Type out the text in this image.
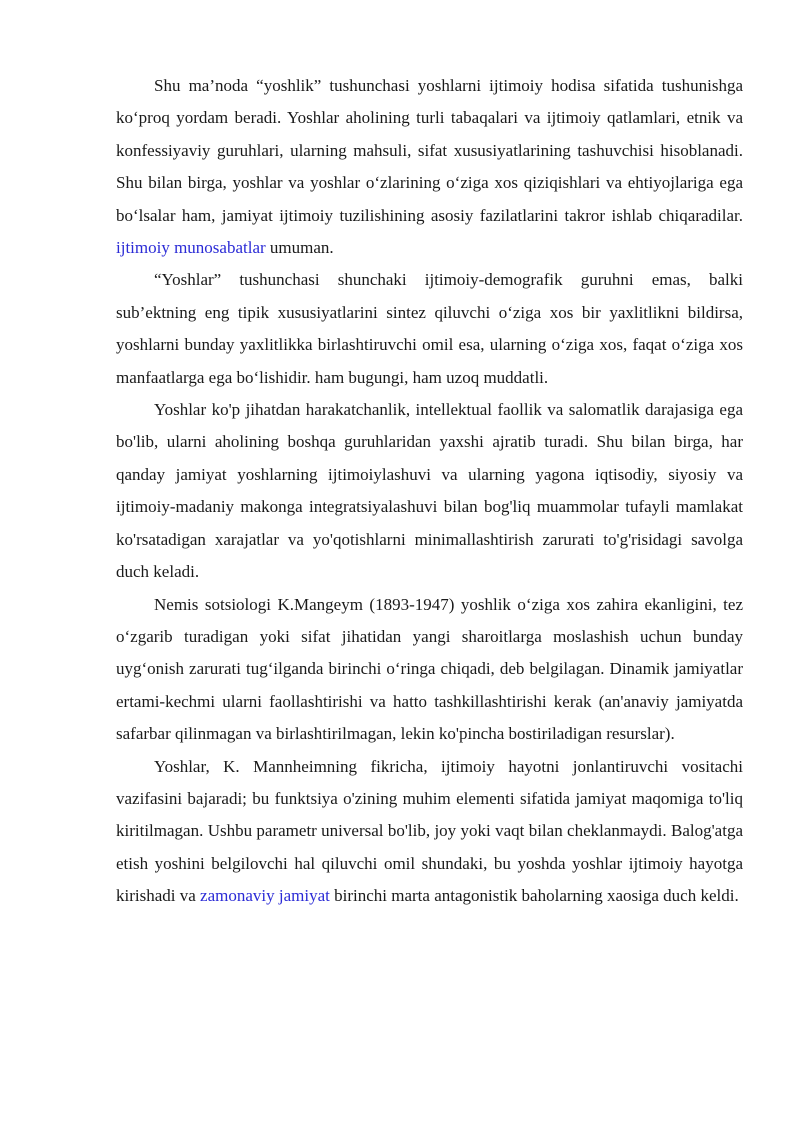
Shu ma’noda “yoshlik” tushunchasi yoshlarni ijtimoiy hodisa sifatida tushunishga ko‘proq yordam beradi. Yoshlar aholining turli tabaqalari va ijtimoiy qatlamlari, etnik va konfessiyaviy guruhlari, ularning mahsuli, sifat xususiyatlarining tashuvchisi hisoblanadi. Shu bilan birga, yoshlar va yoshlar o‘zlarining o‘ziga xos qiziqishlari va ehtiyojlariga ega bo‘lsalar ham, jamiyat ijtimoiy tuzilishining asosiy fazilatlarini takror ishlab chiqaradilar. ijtimoiy munosabatlar umuman.

“Yoshlar” tushunchasi shunchaki ijtimoiy-demografik guruhni emas, balki sub’ektning eng tipik xususiyatlarini sintez qiluvchi o‘ziga xos bir yaxlitlikni bildirsa, yoshlarni bunday yaxlitlikka birlashtiruvchi omil esa, ularning o‘ziga xos, faqat o‘ziga xos manfaatlarga ega bo‘lishidir. ham bugungi, ham uzoq muddatli.

Yoshlar ko'p jihatdan harakatchanlik, intellektual faollik va salomatlik darajasiga ega bo'lib, ularni aholining boshqa guruhlaridan yaxshi ajratib turadi. Shu bilan birga, har qanday jamiyat yoshlarning ijtimoiylashuvi va ularning yagona iqtisodiy, siyosiy va ijtimoiy-madaniy makonga integratsiyalashuvi bilan bog'liq muammolar tufayli mamlakat ko'rsatadigan xarajatlar va yo'qotishlarni minimallashtirish zarurati to'g'risidagi savolga duch keladi.

Nemis sotsiologi K.Mangeym (1893-1947) yoshlik o‘ziga xos zahira ekanligini, tez o‘zgarib turadigan yoki sifat jihatidan yangi sharoitlarga moslashish uchun bunday uyg‘onish zarurati tug‘ilganda birinchi o‘ringa chiqadi, deb belgilagan. Dinamik jamiyatlar ertami-kechmi ularni faollashtirishi va hatto tashkillashtirishi kerak (an'anaviy jamiyatda safarbar qilinmagan va birlashtirilmagan, lekin ko'pincha bostiriladigan resurslar).

Yoshlar, K. Mannheimning fikricha, ijtimoiy hayotni jonlantiruvchi vositachi vazifasini bajaradi; bu funktsiya o'zining muhim elementi sifatida jamiyat maqomiga to'liq kiritilmagan. Ushbu parametr universal bo'lib, joy yoki vaqt bilan cheklanmaydi. Balog'atga etish yoshini belgilovchi hal qiluvchi omil shundaki, bu yoshda yoshlar ijtimoiy hayotga kirishadi va zamonaviy jamiyat birinchi marta antagonistik baholarning xaosiga duch keldi.
